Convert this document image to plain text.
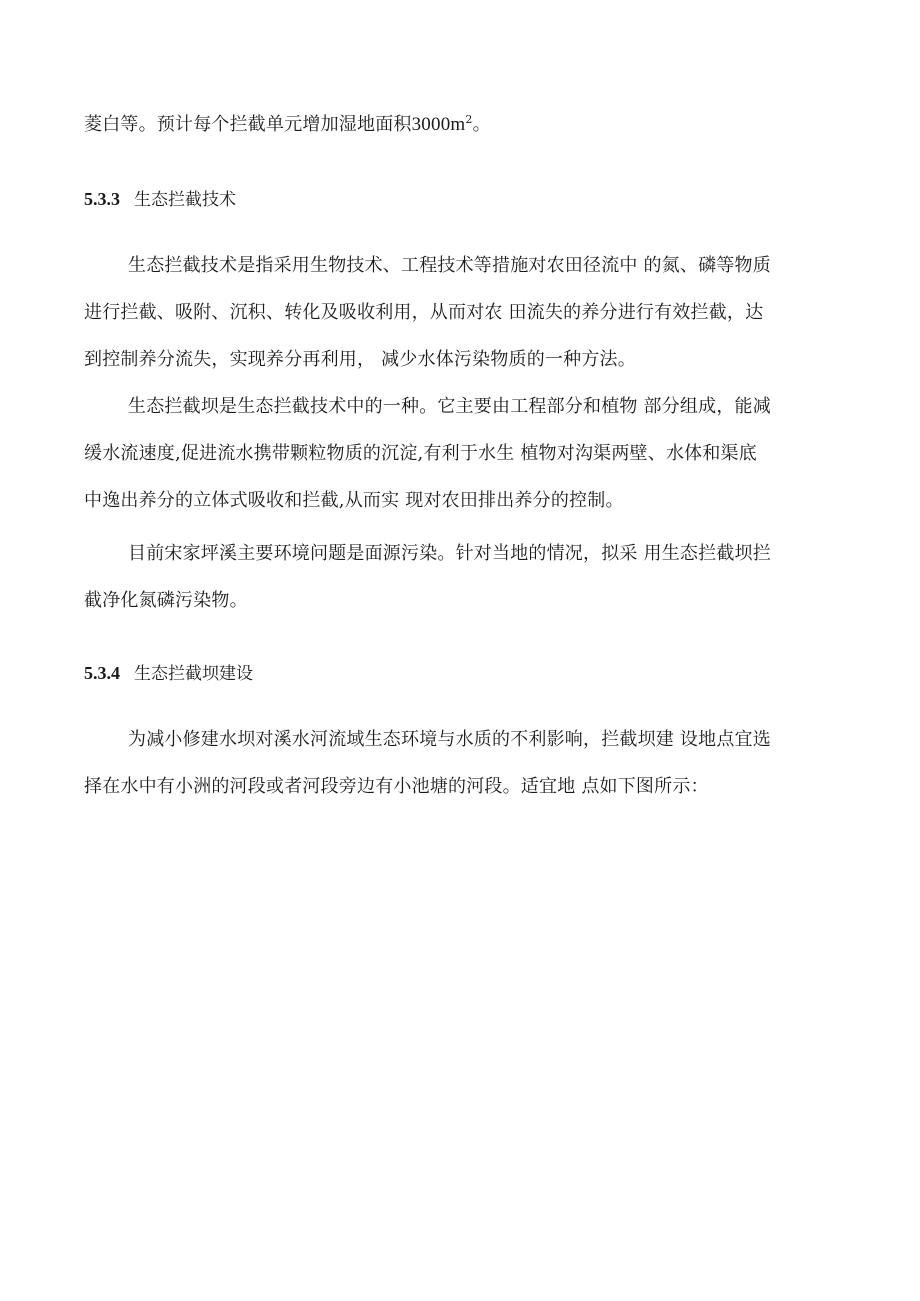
菱白等。预计每个拦截单元增加湿地面积$3000m^2$。
5.3.3 生态拦截技术
生态拦截技术是指采用生物技术、工程技术等措施对农田径流中 的氮、磷等物质
进行拦截、吸附、沉积、转化及吸收利用，从而对农 田流失的养分进行有效拦截，达
到控制养分流失，实现养分再利用， 减少水体污染物质的一种方法。
生态拦截坝是生态拦截技术中的一种。它主要由工程部分和植物 部分组成，能减
缓水流速度,促进流水携带颗粒物质的沉淀,有利于水生 植物对沟渠两壁、水体和渠底
中逸出养分的立体式吸收和拦截,从而实 现对农田排出养分的控制。
目前宋家坪溪主要环境问题是面源污染。针对当地的情况，拟采 用生态拦截坝拦
截净化氮磷污染物。
5.3.4 生态拦截坝建设
为减小修建水坝对溪水河流域生态环境与水质的不利影响，拦截坝建 设地点宜选
择在水中有小洲的河段或者河段旁边有小池塘的河段。适宜地 点如下图所示：
